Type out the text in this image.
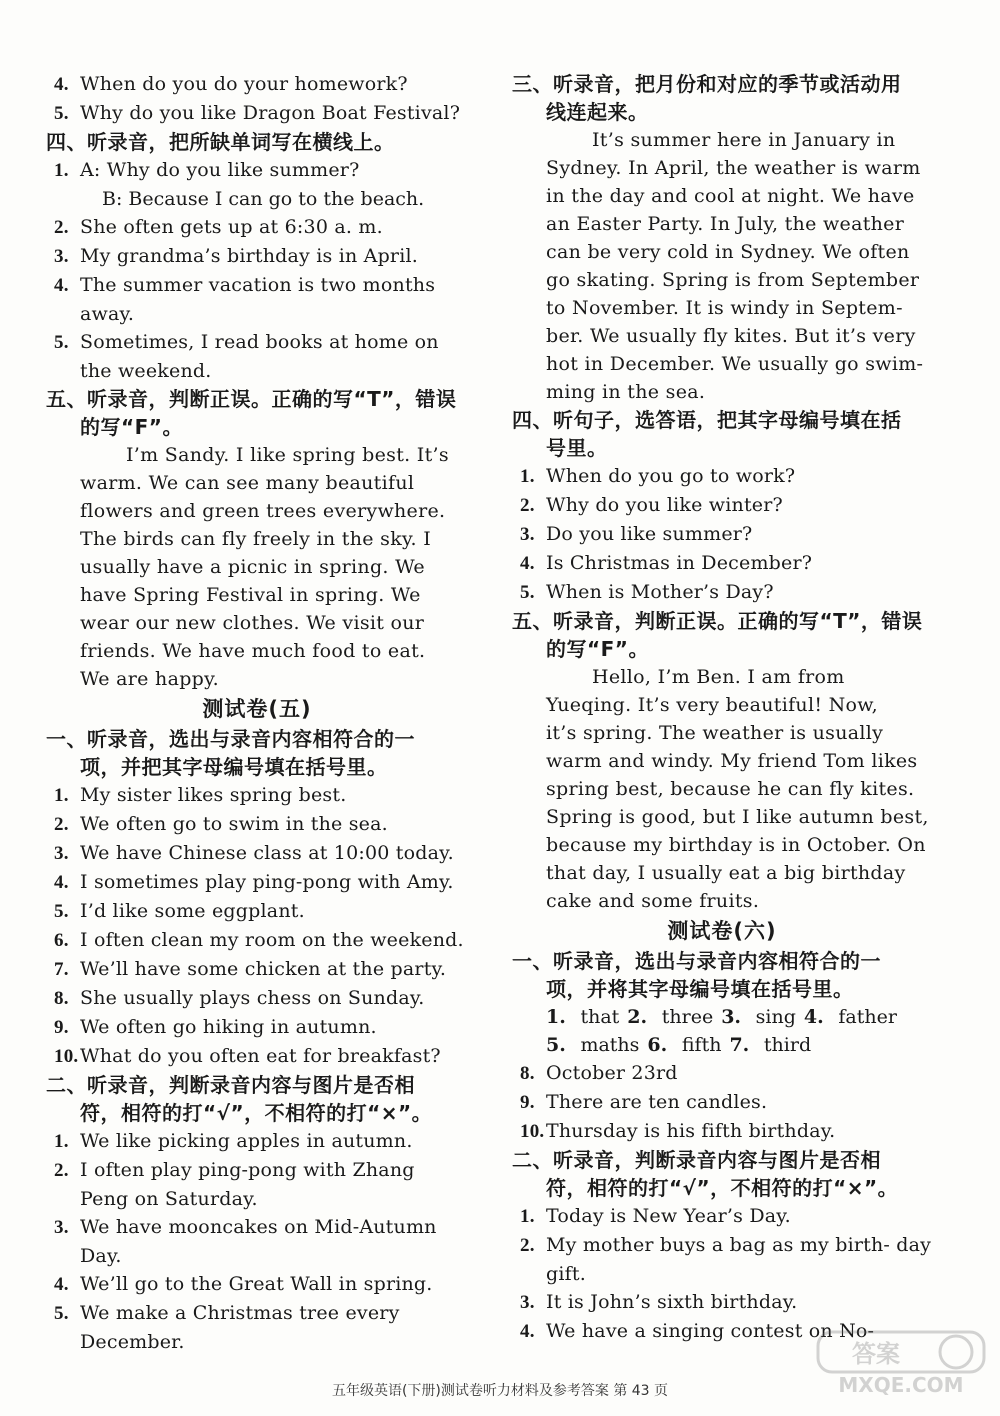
4. When do you do your homework?
5. Why do you like Dragon Boat Festival?
四、听录音，把所缺单词写在横线上。
1. A: Why do you like summer?
B: Because I can go to the beach.
2. She often gets up at 6:30 a. m.
3. My grandma’s birthday is in April.
4. The summer vacation is two months away.
5. Sometimes, I read books at home on the weekend.
五、听录音，判断正误。正确的写“T”，错误
的写“F”。
I’m Sandy. I like spring best. It’s
warm. We can see many beautiful
flowers and green trees everywhere.
The birds can fly freely in the sky. I
usually have a picnic in spring. We
have Spring Festival in spring. We
wear our new clothes. We visit our
friends. We have much food to eat.
We are happy.
测试卷(五)
一、听录音，选出与录音内容相符合的一
项，并把其字母编号填在括号里。
1. My sister likes spring best.
2. We often go to swim in the sea.
3. We have Chinese class at 10:00 today.
4. I sometimes play ping-pong with Amy.
5. I’d like some eggplant.
6. I often clean my room on the weekend.
7. We’ll have some chicken at the party.
8. She usually plays chess on Sunday.
9. We often go hiking in autumn.
10.What do you often eat for breakfast?
二、听录音，判断录音内容与图片是否相
符，相符的打“√”，不相符的打“×”。
1. We like picking apples in autumn.
2. I often play ping-pong with Zhang Peng on Saturday.
3. We have mooncakes on Mid-Autumn Day.
4. We’ll go to the Great Wall in spring.
5. We make a Christmas tree every December.
三、听录音，把月份和对应的季节或活动用
线连起来。
It’s summer here in January in
Sydney. In April, the weather is warm
in the day and cool at night. We have
an Easter Party. In July, the weather
can be very cold in Sydney. We often
go skating. Spring is from September
to November. It is windy in Septem-
ber. We usually fly kites. But it’s very
hot in December. We usually go swim-
ming in the sea.
四、听句子，选答语，把其字母编号填在括
号里。
1. When do you go to work?
2. Why do you like winter?
3. Do you like summer?
4. Is Christmas in December?
5. When is Mother’s Day?
五、听录音，判断正误。正确的写“T”，错误
的写“F”。
Hello, I’m Ben. I am from
Yueqing. It’s very beautiful! Now,
it’s spring. The weather is usually
warm and windy. My friend Tom likes
spring best, because he can fly kites.
Spring is good, but I like autumn best,
because my birthday is in October. On
that day, I usually eat a big birthday
cake and some fruits.
测试卷(六)
一、听录音，选出与录音内容相符合的一
项，并将其字母编号填在括号里。
1. that 2. three 3. sing 4. father
5. maths 6. fifth 7. third
8. October 23rd
9. There are ten candles.
10.Thursday is his fifth birthday.
二、听录音，判断录音内容与图片是否相
符，相符的打“√”，不相符的打“×”。
1. Today is New Year’s Day.
2. My mother buys a bag as my birth- day gift.
3. It is John’s sixth birthday.
4. We have a singing contest on No-
五年级英语(下册)测试卷听力材料及参考答案 第 43 页
答案
MXQE.COM
